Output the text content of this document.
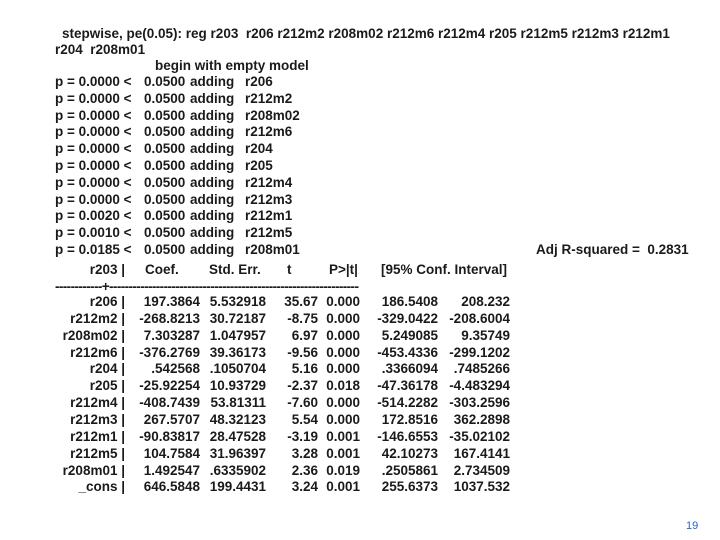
stepwise, pe(0.05): reg r203  r206 r212m2 r208m02 r212m6 r212m4 r205 r212m5 r212m3 r212m1
r204  r208m01
begin with empty model
p = 0.0000 < 0.0500 adding r206
p = 0.0000 < 0.0500 adding r212m2
p = 0.0000 < 0.0500 adding r208m02
p = 0.0000 < 0.0500 adding r212m6
p = 0.0000 < 0.0500 adding r204
p = 0.0000 < 0.0500 adding r205
p = 0.0000 < 0.0500 adding r212m4
p = 0.0000 < 0.0500 adding r212m3
p = 0.0020 < 0.0500 adding r212m1
p = 0.0010 < 0.0500 adding r212m5
p = 0.0185 < 0.0500 adding r208m01	Adj R-squared =  0.2831
r203 | Coef. Std. Err. t	P>|t| [95% Conf. Interval]
------------+----------------------------------------------------------------
r206 |	197.3864 5.532918	35.67 0.000	186.5408	208.232
r212m2 |	-268.8213 30.72187	-8.75 0.000	-329.0422 -208.6004
r208m02 |	7.303287 1.047957	6.97 0.000	5.249085	9.35749
r212m6 |	-376.2769 39.36173	-9.56 0.000	-453.4336 -299.1202
r204 |	.542568 .1050704	5.16 0.000	.3366094	.7485266
r205 |	-25.92254 10.93729	-2.37 0.018	-47.36178 -4.483294
r212m4 |	-408.7439 53.81311	-7.60 0.000	-514.2282 -303.2596
r212m3 |	267.5707 48.32123	5.54 0.000	172.8516	362.2898
r212m1 |	-90.83817 28.47528	-3.19 0.001	-146.6553 -35.02102
r212m5 |	104.7584 31.96397	3.28 0.001	42.10273	167.4141
r208m01 |	1.492547 .6335902	2.36 0.019	.2505861	2.734509
_cons |	646.5848 199.4431	3.24 0.001	255.6373	1037.532
19
